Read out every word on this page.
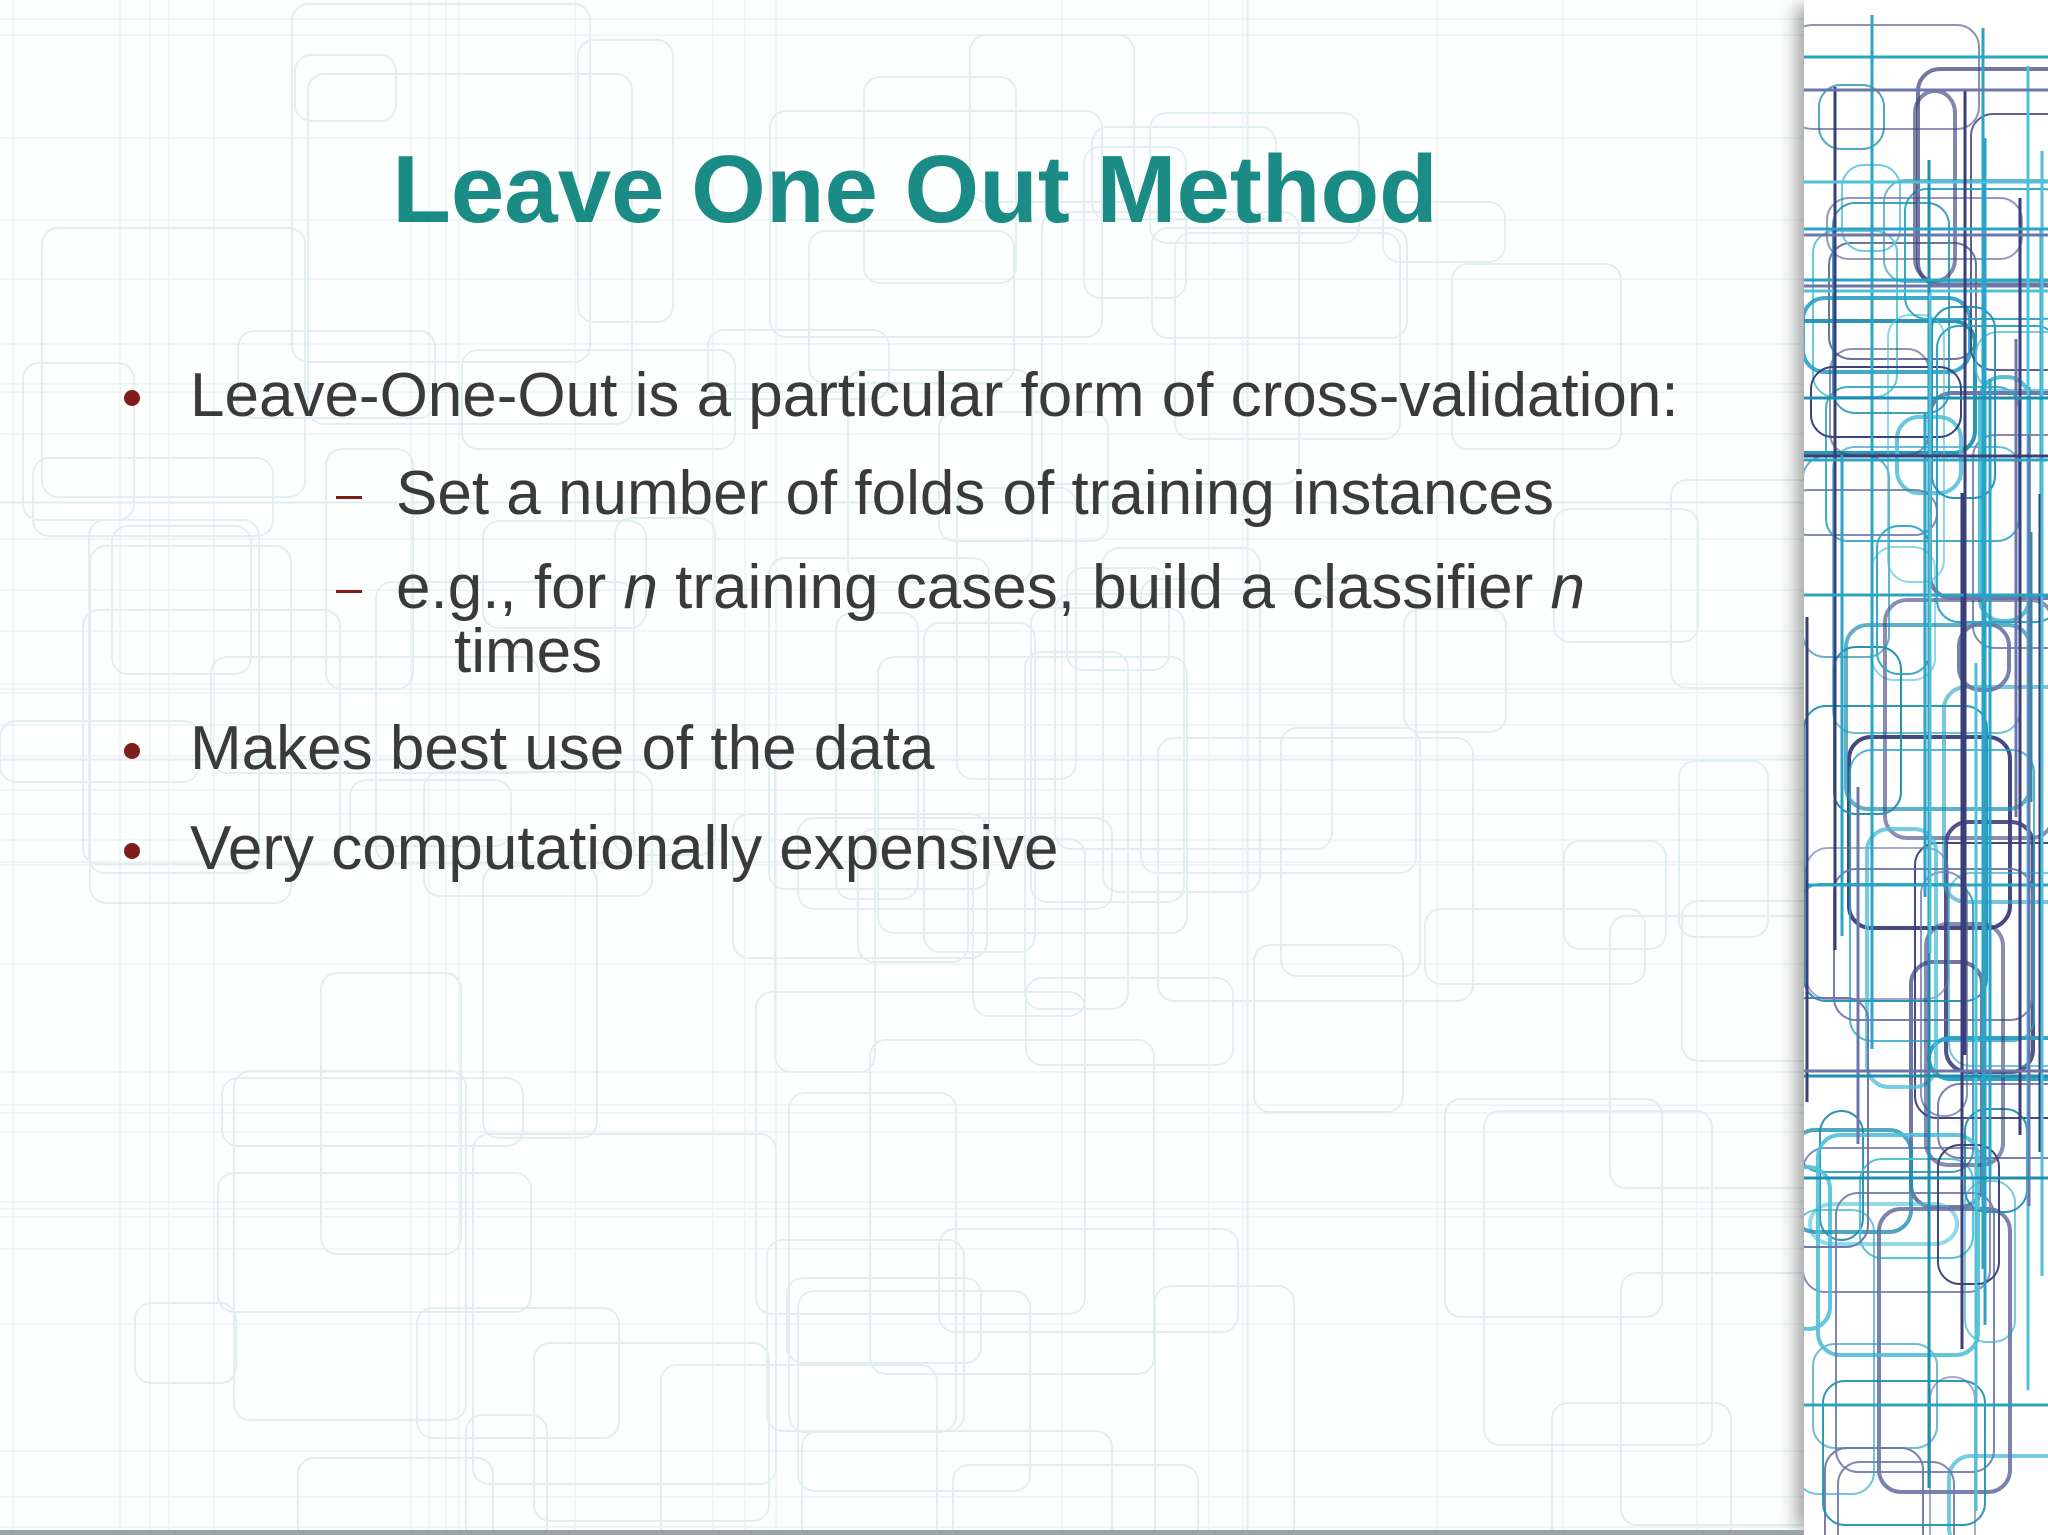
Leave One Out Method
Leave-One-Out is a particular form of cross-validation:
Set a number of folds of training instances
e.g., for n training cases, build a classifier n
times
Makes best use of the data
Very computationally expensive
